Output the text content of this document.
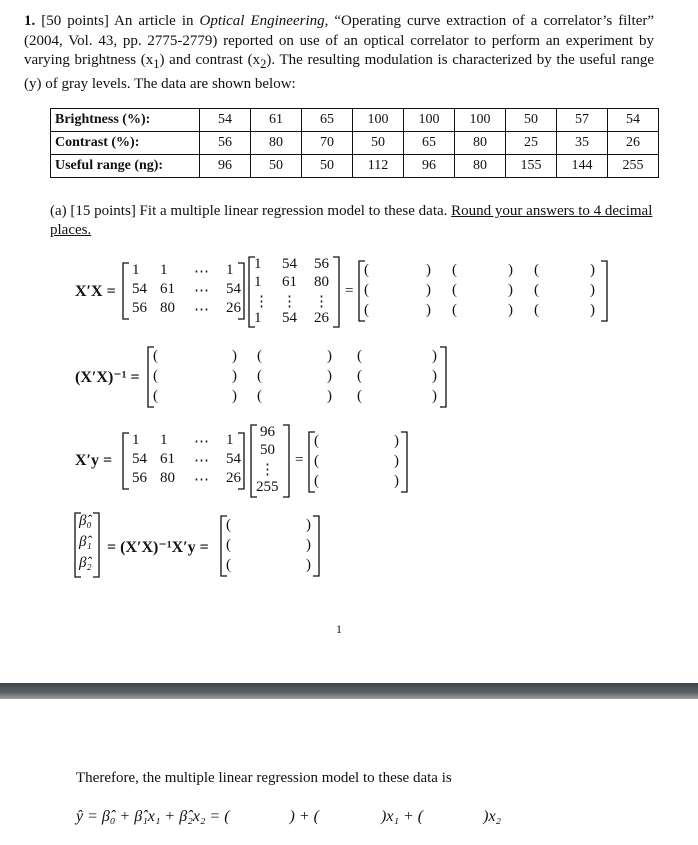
1. [50 points] An article in Optical Engineering, “Operating curve extraction of a correlator’s filter” (2004, Vol. 43, pp. 2775-2779) reported on use of an optical correlator to perform an experiment by varying brightness $(x_1)$ and contrast $(x_2)$. The resulting modulation is characterized by the useful range (y) of gray levels. The data are shown below:
Brightness (%):	54	61	65	100	100	100	50	57	54
Contrast (%):	56	80	70	50	65	80	25	35	26
Useful range (ng):	96	50	50	112	96	80	155	144	255
(a) [15 points] Fit a multiple linear regression model to these data. Round your answers to 4 decimal places.
X′X =
1 1 ⋯ 1
54 61 ⋯ 54
56 80 ⋯ 26
1 54 56
1 61 80
⋮ ⋮ ⋮
1 54 26
=
(	) (	) (	)
(	) (	) (	)
(	) (	) (	)
(X′X)⁻¹ =
(	) (	) (	)
(	) (	) (	)
(	) (	) (	)
X′y =
1 1 ⋯ 1
54 61 ⋯ 54
56 80 ⋯ 26
96
50
⋮
255
=
(	)
(	)
(	)
β̂₀
β̂₁
β̂₂
= (X′X)⁻¹X′y =
(	)
(	)
(	)
1
Therefore, the multiple linear regression model to these data is
ŷ = β̂₀ + β̂₁x₁ + β̂₂x₂ = (	) + (	)x₁ + (	)x₂
